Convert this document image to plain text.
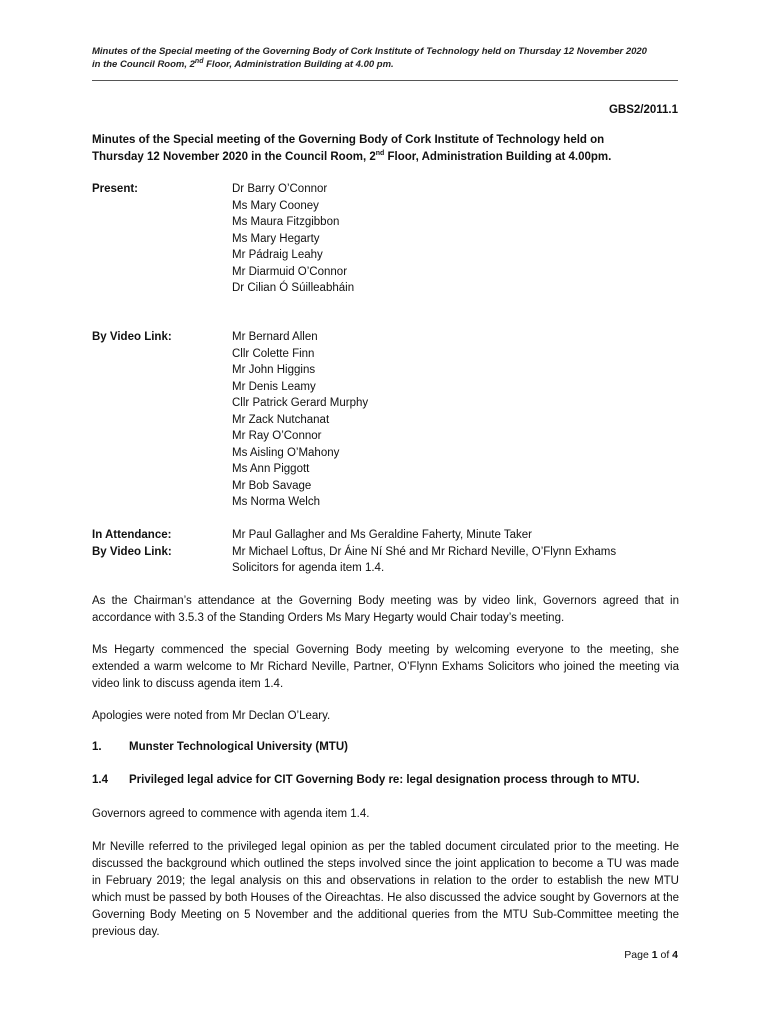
Minutes of the Special meeting of the Governing Body of Cork Institute of Technology held on Thursday 12 November 2020
in the Council Room, 2nd Floor, Administration Building at 4.00 pm.
GBS2/2011.1
Minutes of the Special meeting of the Governing Body of Cork Institute of Technology held on
Thursday 12 November 2020 in the Council Room, 2nd Floor, Administration Building at 4.00pm.
Present:	Dr Barry O’Connor
Ms Mary Cooney
Ms Maura Fitzgibbon
Ms Mary Hegarty
Mr Pádraig Leahy
Mr Diarmuid O’Connor
Dr Cilian Ó Súilleabháin
By Video Link:	Mr Bernard Allen
Cllr Colette Finn
Mr John Higgins
Mr Denis Leamy
Cllr Patrick Gerard Murphy
Mr Zack Nutchanat
Mr Ray O’Connor
Ms Aisling O’Mahony
Ms Ann Piggott
Mr Bob Savage
Ms Norma Welch
In Attendance:
By Video Link:
Mr Paul Gallagher and Ms Geraldine Faherty, Minute Taker
Mr Michael Loftus, Dr Áine Ní Shé and Mr Richard Neville, O’Flynn Exhams
Solicitors for agenda item 1.4.
As the Chairman’s attendance at the Governing Body meeting was by video link, Governors agreed that in accordance with 3.5.3 of the Standing Orders Ms Mary Hegarty would Chair today’s meeting.
Ms Hegarty commenced the special Governing Body meeting by welcoming everyone to the meeting, she extended a warm welcome to Mr Richard Neville, Partner, O’Flynn Exhams Solicitors who joined the meeting via video link to discuss agenda item 1.4.
Apologies were noted from Mr Declan O’Leary.
1. Munster Technological University (MTU)
1.4 Privileged legal advice for CIT Governing Body re: legal designation process through to MTU.
Governors agreed to commence with agenda item 1.4.
Mr Neville referred to the privileged legal opinion as per the tabled document circulated prior to the meeting. He discussed the background which outlined the steps involved since the joint application to become a TU was made in February 2019; the legal analysis on this and observations in relation to the order to establish the new MTU which must be passed by both Houses of the Oireachtas. He also discussed the advice sought by Governors at the Governing Body Meeting on 5 November and the additional queries from the MTU Sub-Committee meeting the previous day.
Page 1 of 4
